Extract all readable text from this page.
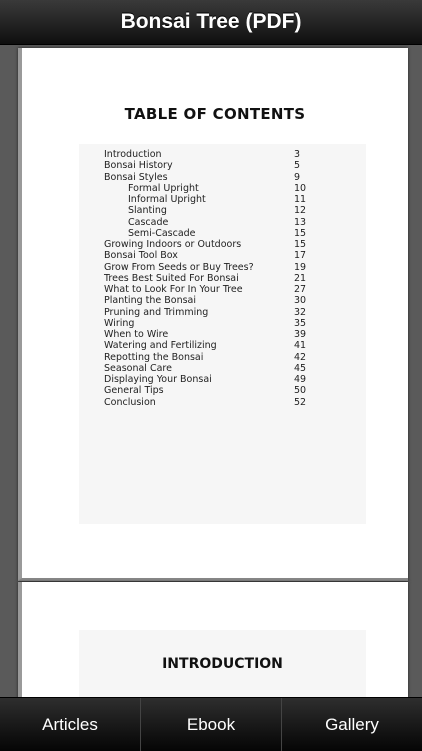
Bonsai Tree (PDF)
TABLE OF CONTENTS
Introduction	3
Bonsai History	5
Bonsai Styles	9
Formal Upright	10
Informal Upright	11
Slanting	12
Cascade	13
Semi-Cascade	15
Growing Indoors or Outdoors	15
Bonsai Tool Box	17
Grow From Seeds or Buy Trees?	19
Trees Best Suited For Bonsai	21
What to Look For In Your Tree	27
Planting the Bonsai	30
Pruning and Trimming	32
Wiring	35
When to Wire	39
Watering and Fertilizing	41
Repotting the Bonsai	42
Seasonal Care	45
Displaying Your Bonsai	49
General Tips	50
Conclusion	52
INTRODUCTION
Articles	Ebook	Gallery
